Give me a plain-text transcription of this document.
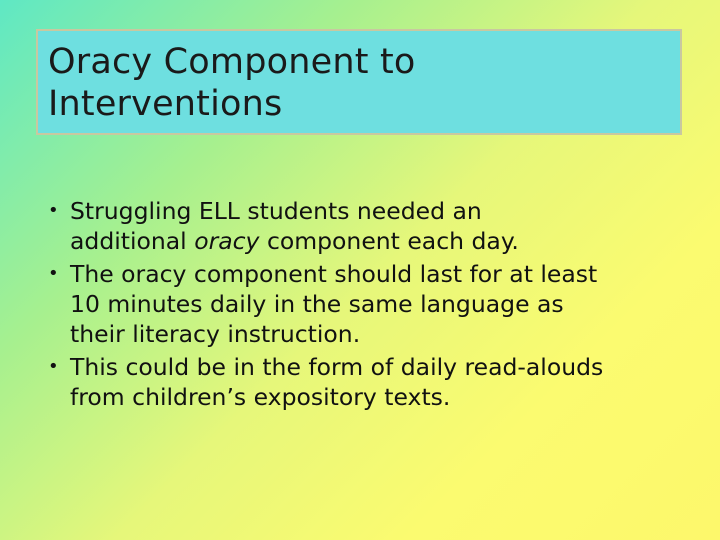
Oracy Component to
Interventions
• Struggling ELL students needed an
additional oracy component each day.
• The oracy component should last for at least
10 minutes daily in the same language as
their literacy instruction.
• This could be in the form of daily read-alouds
from children’s expository texts.
